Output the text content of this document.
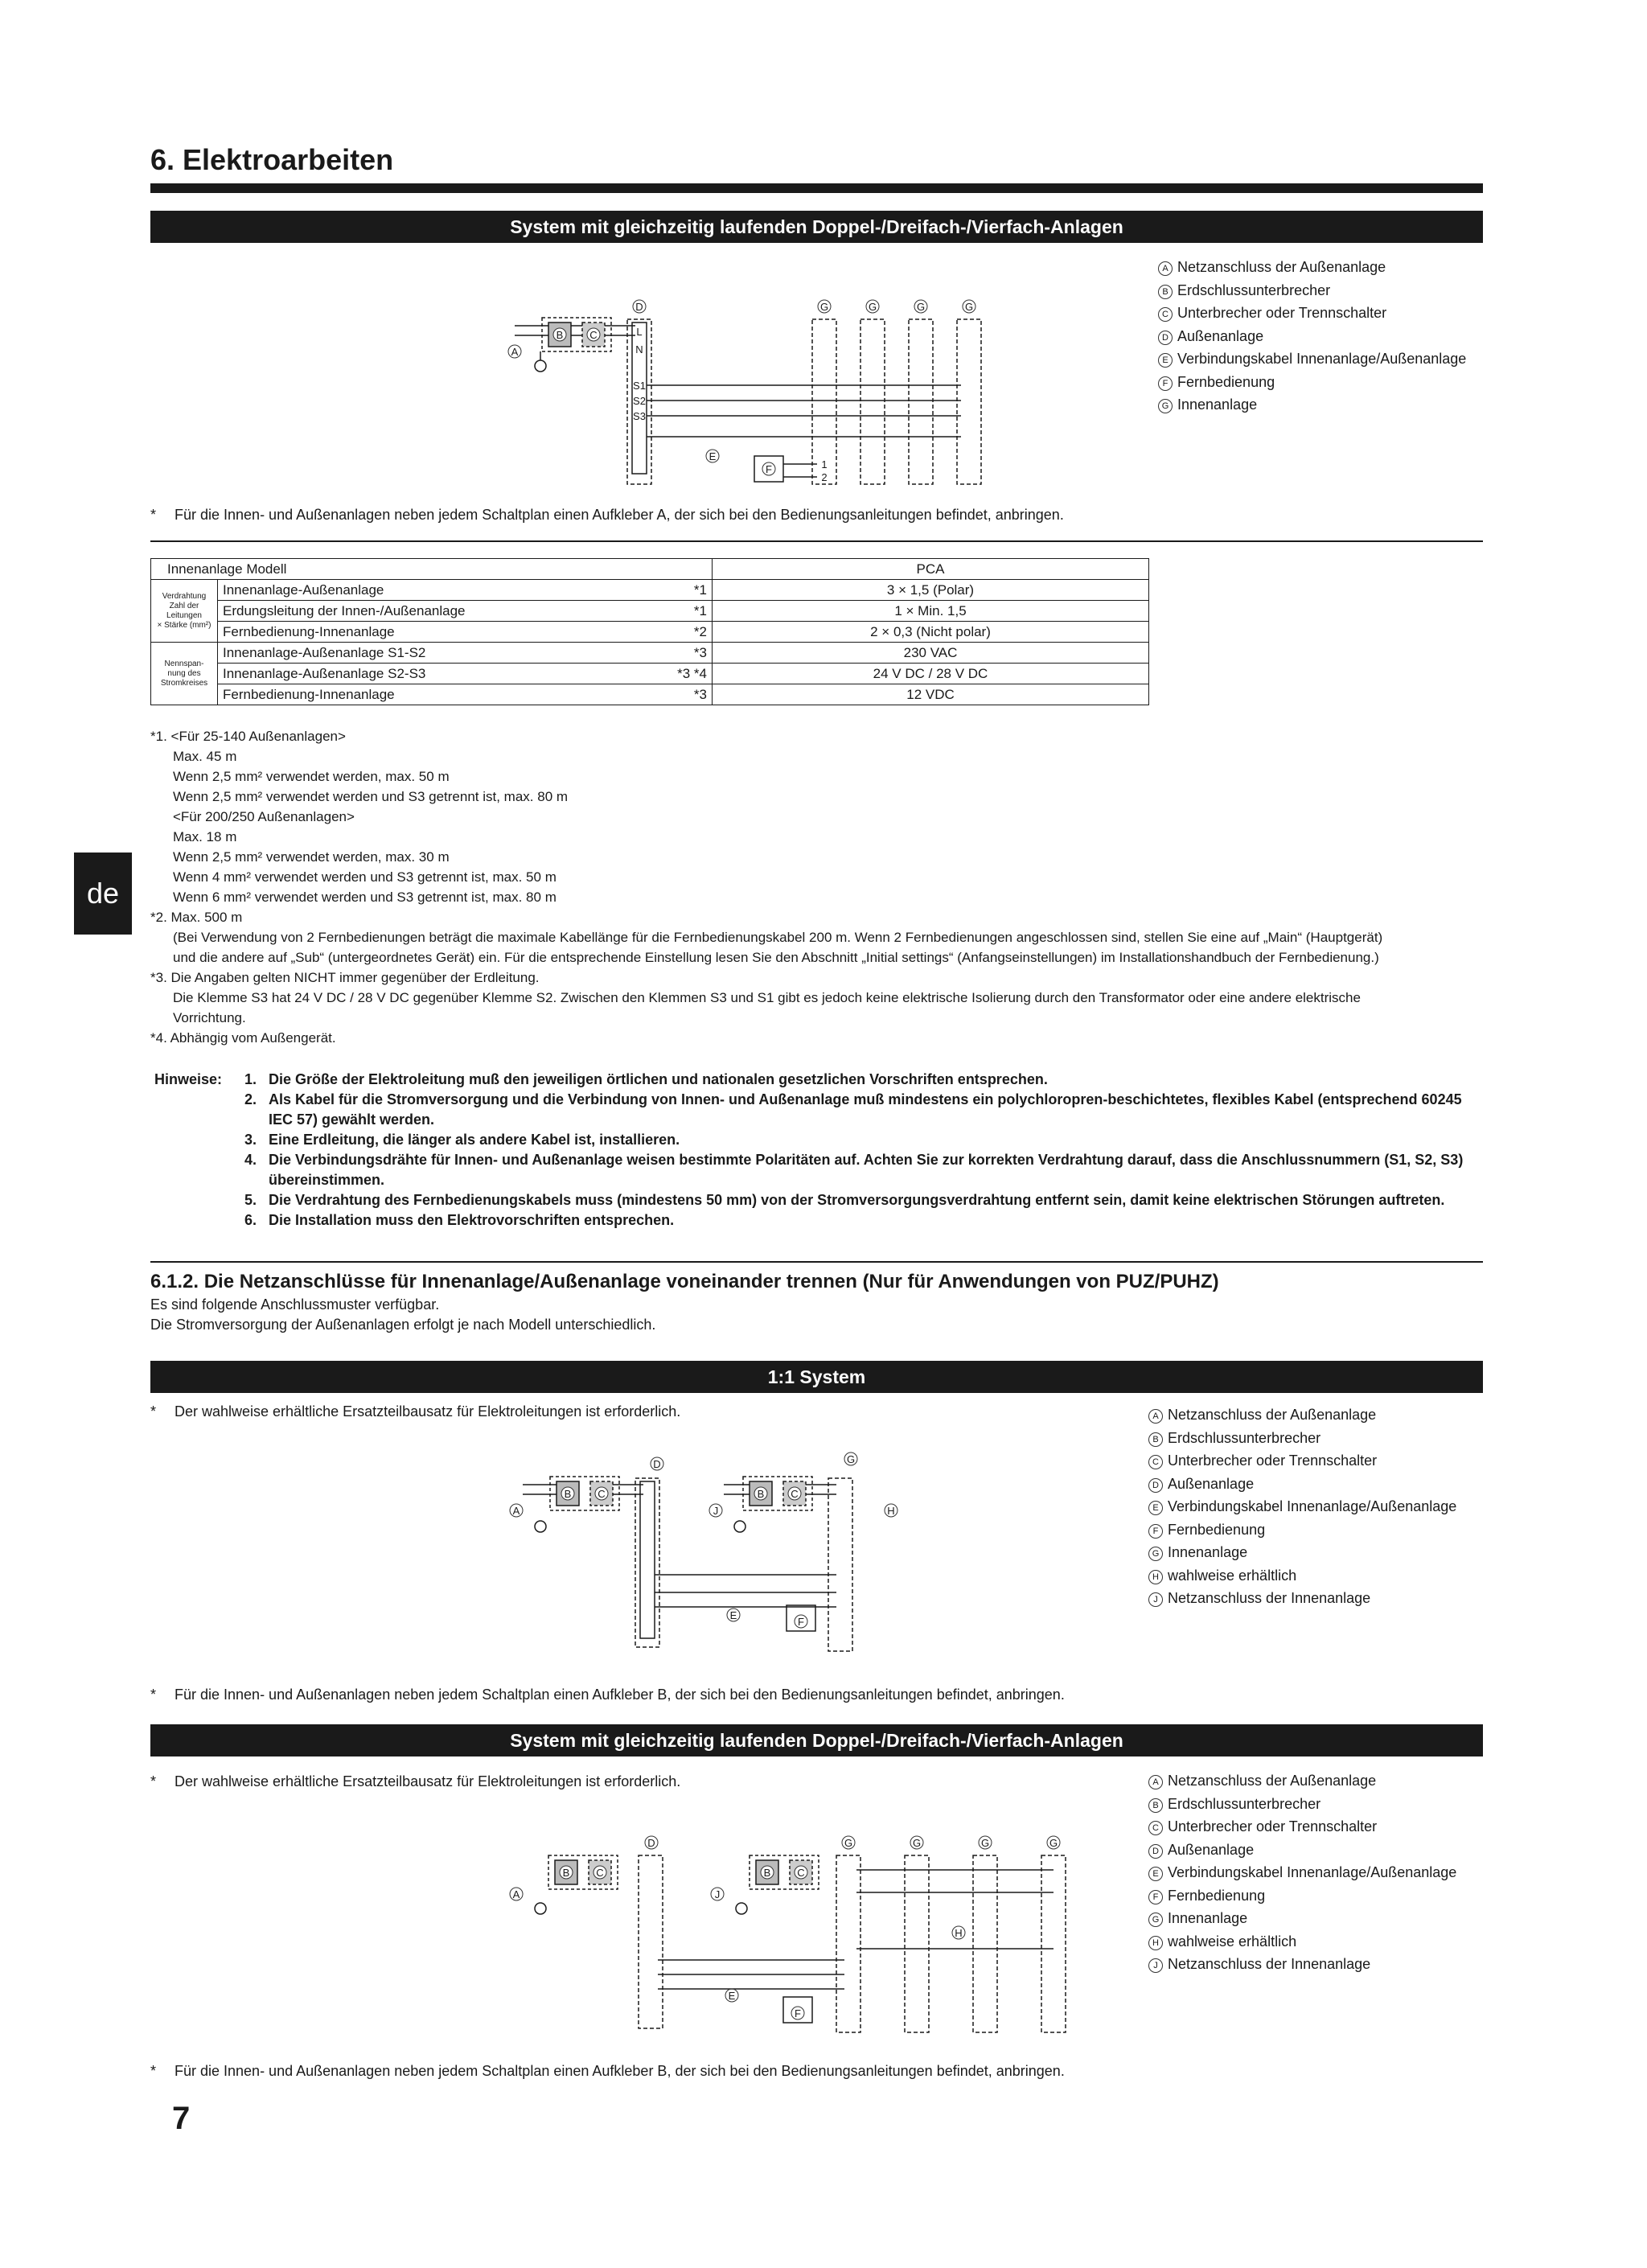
6. Elektroarbeiten
System mit gleichzeitig laufenden Doppel-/Dreifach-/Vierfach-Anlagen
B	C
A
D
E
F
G	G	G	G
L
N
S1
S2
S3
1
2
A Netzanschluss der Außenanlage
B Erdschlussunterbrecher
C Unterbrecher oder Trennschalter
D Außenanlage
E Verbindungskabel Innenanlage/Außenanlage
F Fernbedienung
G Innenanlage
* Für die Innen- und Außenanlagen neben jedem Schaltplan einen Aufkleber A, der sich bei den Bedienungsanleitungen befindet, anbringen.
Innenanlage Modell			PCA

Verdrahtung
Zahl der Leitungen
× Stärke (mm²)	Innenanlage-Außenanlage	*1	3 × 1,5 (Polar)
	Erdungsleitung der Innen-/Außenanlage	*1	1 × Min. 1,5
	Fernbedienung-Innenanlage	*2	2 × 0,3 (Nicht polar)

Nennspan-
nung des
Stromkreises	Innenanlage-Außenanlage S1-S2	*3	230 VAC
	Innenanlage-Außenanlage S2-S3	*3 *4	24 V DC / 28 V DC
	Fernbedienung-Innenanlage	*3	12 VDC
*1. <Für 25-140 Außenanlagen>
Max. 45 m
Wenn 2,5 mm² verwendet werden, max. 50 m
Wenn 2,5 mm² verwendet werden und S3 getrennt ist, max. 80 m
<Für 200/250 Außenanlagen>
Max. 18 m
Wenn 2,5 mm² verwendet werden, max. 30 m
Wenn 4 mm² verwendet werden und S3 getrennt ist, max. 50 m
Wenn 6 mm² verwendet werden und S3 getrennt ist, max. 80 m
*2. Max. 500 m
(Bei Verwendung von 2 Fernbedienungen beträgt die maximale Kabellänge für die Fernbedienungskabel 200 m. Wenn 2 Fernbedienungen angeschlossen sind, stellen Sie eine auf „Main“ (Hauptgerät)
und die andere auf „Sub“ (untergeordnetes Gerät) ein. Für die entsprechende Einstellung lesen Sie den Abschnitt „Initial settings“ (Anfangseinstellungen) im Installationshandbuch der Fernbedienung.)
*3. Die Angaben gelten NICHT immer gegenüber der Erdleitung.
Die Klemme S3 hat 24 V DC / 28 V DC gegenüber Klemme S2. Zwischen den Klemmen S3 und S1 gibt es jedoch keine elektrische Isolierung durch den Transformator oder eine andere elektrische
Vorrichtung.
*4. Abhängig vom Außengerät.
de
Hinweise:	1. Die Größe der Elektroleitung muß den jeweiligen örtlichen und nationalen gesetzlichen Vorschriften entsprechen.
2. Als Kabel für die Stromversorgung und die Verbindung von Innen- und Außenanlage muß mindestens ein polychloropren-beschichtetes, flexibles Kabel (entsprechend 60245 IEC 57) gewählt werden.
3. Eine Erdleitung, die länger als andere Kabel ist, installieren.
4. Die Verbindungsdrähte für Innen- und Außenanlage weisen bestimmte Polaritäten auf. Achten Sie zur korrekten Verdrahtung darauf, dass die Anschlussnummern (S1, S2, S3) übereinstimmen.
5. Die Verdrahtung des Fernbedienungskabels muss (mindestens 50 mm) von der Stromversorgungsverdrahtung entfernt sein, damit keine elektrischen Störungen auftreten.
6. Die Installation muss den Elektrovorschriften entsprechen.
6.1.2. Die Netzanschlüsse für Innenanlage/Außenanlage voneinander trennen (Nur für Anwendungen von PUZ/PUHZ)
Es sind folgende Anschlussmuster verfügbar.
Die Stromversorgung der Außenanlagen erfolgt je nach Modell unterschiedlich.
1:1 System
* Der wahlweise erhältliche Ersatzteilbausatz für Elektroleitungen ist erforderlich.
B	C	B	C
A	J
D	G
H
E
F
A Netzanschluss der Außenanlage
B Erdschlussunterbrecher
C Unterbrecher oder Trennschalter
D Außenanlage
E Verbindungskabel Innenanlage/Außenanlage
F Fernbedienung
G Innenanlage
H wahlweise erhältlich
J Netzanschluss der Innenanlage
* Für die Innen- und Außenanlagen neben jedem Schaltplan einen Aufkleber B, der sich bei den Bedienungsanleitungen befindet, anbringen.
System mit gleichzeitig laufenden Doppel-/Dreifach-/Vierfach-Anlagen
* Der wahlweise erhältliche Ersatzteilbausatz für Elektroleitungen ist erforderlich.
B	C	B	C
A	J
D	G	G	G	G
H
E
F
A Netzanschluss der Außenanlage
B Erdschlussunterbrecher
C Unterbrecher oder Trennschalter
D Außenanlage
E Verbindungskabel Innenanlage/Außenanlage
F Fernbedienung
G Innenanlage
H wahlweise erhältlich
J Netzanschluss der Innenanlage
* Für die Innen- und Außenanlagen neben jedem Schaltplan einen Aufkleber B, der sich bei den Bedienungsanleitungen befindet, anbringen.
7
